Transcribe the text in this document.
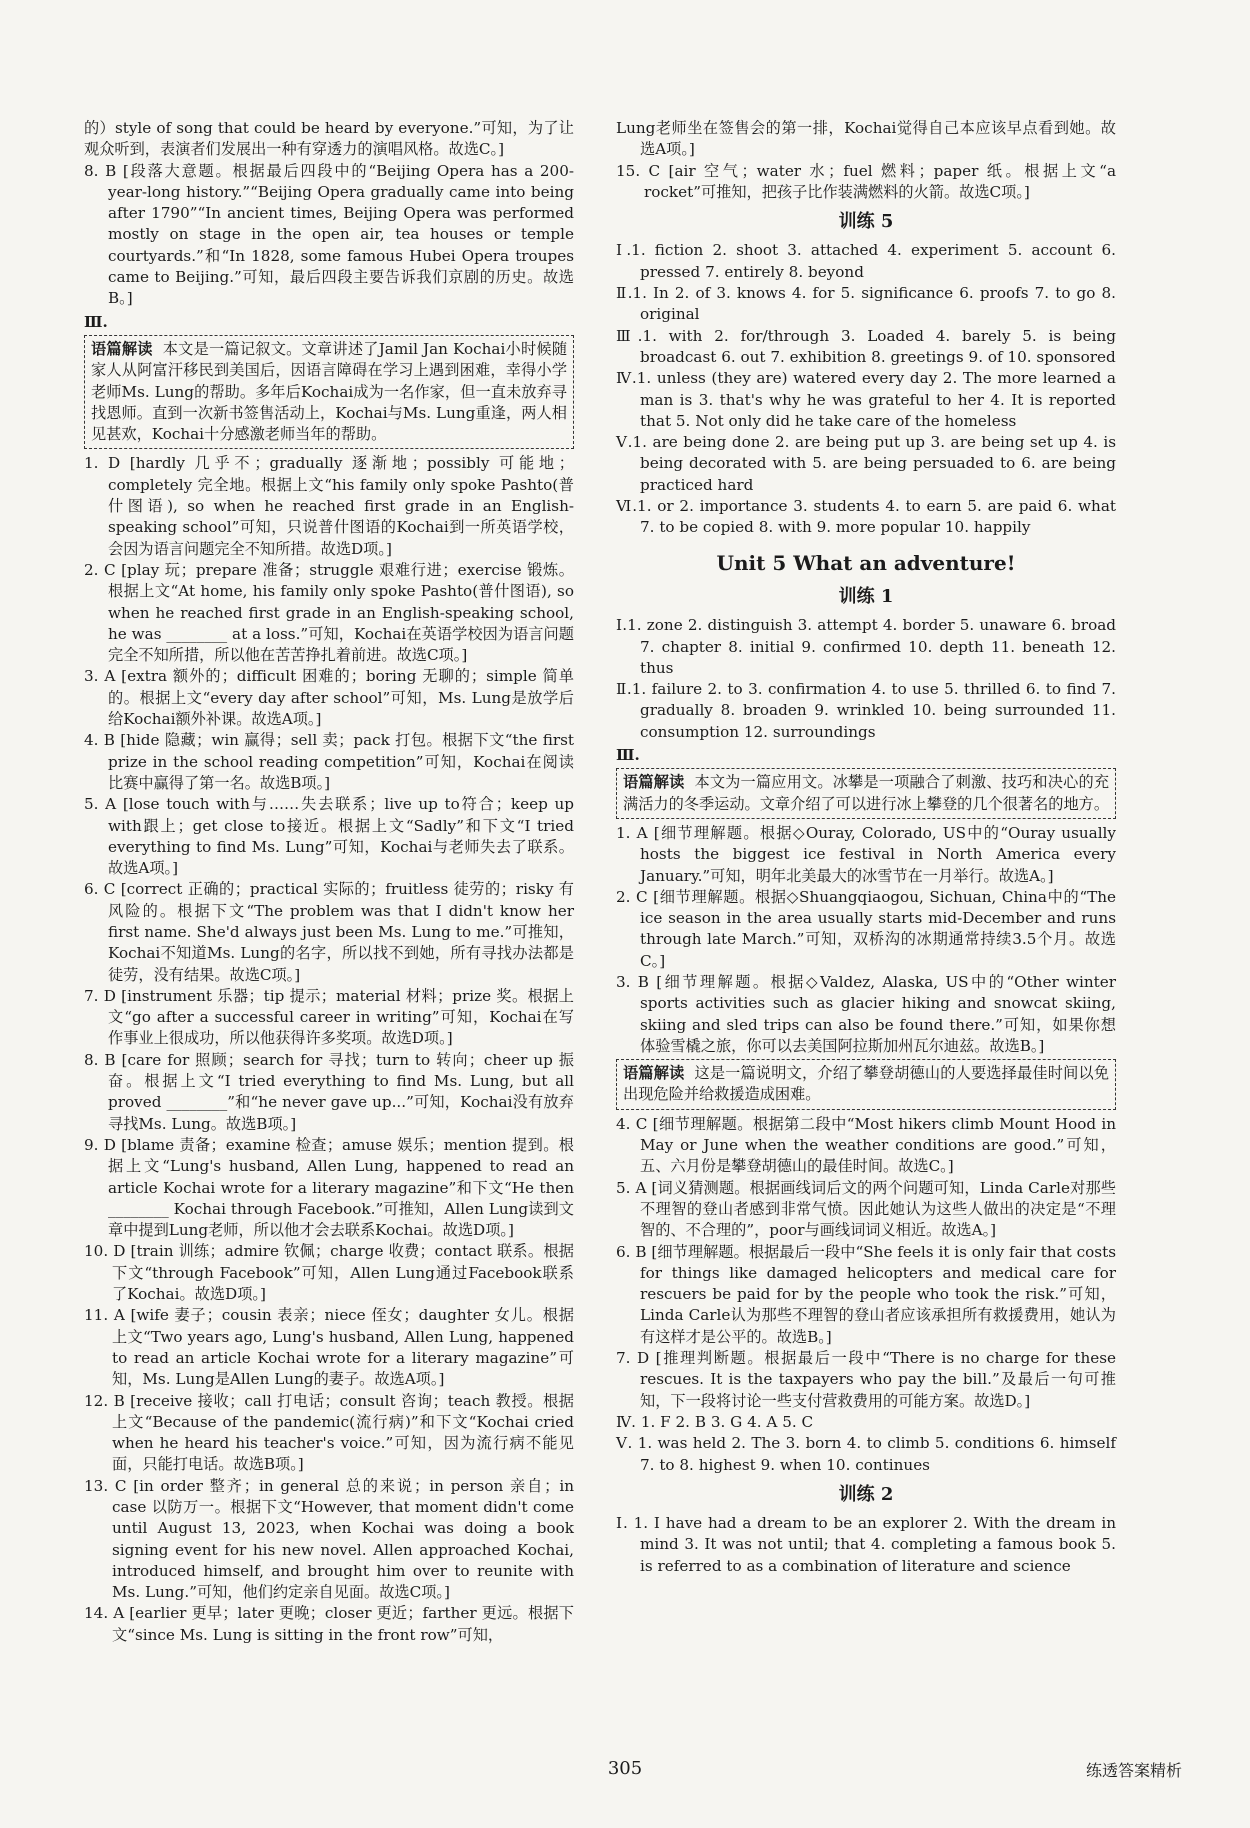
的）style of song that could be heard by everyone.”可知，为了让观众听到，表演者们发展出一种有穿透力的演唱风格。故选C。]

8. B [段落大意题。根据最后四段中的“Beijing Opera has a 200-year-long history.”“Beijing Opera gradually came into being after 1790”“In ancient times, Beijing Opera was performed mostly on stage in the open air, tea houses or temple courtyards.”和“In 1828, some famous Hubei Opera troupes came to Beijing.”可知，最后四段主要告诉我们京剧的历史。故选B。]

Ⅲ.

语篇解读 本文是一篇记叙文。文章讲述了Jamil Jan Kochai小时候随家人从阿富汗移民到美国后，因语言障碍在学习上遇到困难，幸得小学老师Ms. Lung的帮助。多年后Kochai成为一名作家，但一直未放弃寻找恩师。直到一次新书签售活动上，Kochai与Ms. Lung重逢，两人相见甚欢，Kochai十分感激老师当年的帮助。

1. D [hardly 几乎不；gradually 逐渐地；possibly 可能地；completely 完全地。根据上文“his family only spoke Pashto(普什图语), so when he reached first grade in an English-speaking school”可知，只说普什图语的Kochai到一所英语学校，会因为语言问题完全不知所措。故选D项。]

2. C [play 玩；prepare 准备；struggle 艰难行进；exercise 锻炼。根据上文“At home, his family only spoke Pashto(普什图语), so when he reached first grade in an English-speaking school, he was ________ at a loss.”可知，Kochai在英语学校因为语言问题完全不知所措，所以他在苦苦挣扎着前进。故选C项。]

3. A [extra 额外的；difficult 困难的；boring 无聊的；simple 简单的。根据上文“every day after school”可知，Ms. Lung是放学后给Kochai额外补课。故选A项。]

4. B [hide 隐藏；win 赢得；sell 卖；pack 打包。根据下文“the first prize in the school reading competition”可知，Kochai在阅读比赛中赢得了第一名。故选B项。]

5. A [lose touch with与……失去联系；live up to符合；keep up with跟上；get close to接近。根据上文“Sadly”和下文“I tried everything to find Ms. Lung”可知，Kochai与老师失去了联系。故选A项。]

6. C [correct 正确的；practical 实际的；fruitless 徒劳的；risky 有风险的。根据下文“The problem was that I didn't know her first name. She'd always just been Ms. Lung to me.”可推知，Kochai不知道Ms. Lung的名字，所以找不到她，所有寻找办法都是徒劳，没有结果。故选C项。]

7. D [instrument 乐器；tip 提示；material 材料；prize 奖。根据上文“go after a successful career in writing”可知，Kochai在写作事业上很成功，所以他获得许多奖项。故选D项。]

8. B [care for 照顾；search for 寻找；turn to 转向；cheer up 振奋。根据上文“I tried everything to find Ms. Lung, but all proved ________”和“he never gave up...”可知，Kochai没有放弃寻找Ms. Lung。故选B项。]

9. D [blame 责备；examine 检查；amuse 娱乐；mention 提到。根据上文“Lung's husband, Allen Lung, happened to read an article Kochai wrote for a literary magazine”和下文“He then ________ Kochai through Facebook.”可推知，Allen Lung读到文章中提到Lung老师，所以他才会去联系Kochai。故选D项。]

10. D [train 训练；admire 钦佩；charge 收费；contact 联系。根据下文“through Facebook”可知，Allen Lung通过Facebook联系了Kochai。故选D项。]

11. A [wife 妻子；cousin 表亲；niece 侄女；daughter 女儿。根据上文“Two years ago, Lung's husband, Allen Lung, happened to read an article Kochai wrote for a literary magazine”可知，Ms. Lung是Allen Lung的妻子。故选A项。]

12. B [receive 接收；call 打电话；consult 咨询；teach 教授。根据上文“Because of the pandemic(流行病)”和下文“Kochai cried when he heard his teacher's voice.”可知，因为流行病不能见面，只能打电话。故选B项。]

13. C [in order 整齐；in general 总的来说；in person 亲自；in case 以防万一。根据下文“However, that moment didn't come until August 13, 2023, when Kochai was doing a book signing event for his new novel. Allen approached Kochai, introduced himself, and brought him over to reunite with Ms. Lung.”可知，他们约定亲自见面。故选C项。]

14. A [earlier 更早；later 更晚；closer 更近；farther 更远。根据下文“since Ms. Lung is sitting in the front row”可知，

Lung老师坐在签售会的第一排，Kochai觉得自己本应该早点看到她。故选A项。]

15. C [air 空气；water 水；fuel 燃料；paper 纸。根据上文“a rocket”可推知，把孩子比作装满燃料的火箭。故选C项。]

训练 5

Ⅰ.1. fiction 2. shoot 3. attached 4. experiment 5. account 6. pressed 7. entirely 8. beyond

Ⅱ.1. In 2. of 3. knows 4. for 5. significance 6. proofs 7. to go 8. original

Ⅲ.1. with 2. for/through 3. Loaded 4. barely 5. is being broadcast 6. out 7. exhibition 8. greetings 9. of 10. sponsored

Ⅳ.1. unless (they are) watered every day 2. The more learned a man is 3. that's why he was grateful to her 4. It is reported that 5. Not only did he take care of the homeless

Ⅴ.1. are being done 2. are being put up 3. are being set up 4. is being decorated with 5. are being persuaded to 6. are being practiced hard

Ⅵ.1. or 2. importance 3. students 4. to earn 5. are paid 6. what 7. to be copied 8. with 9. more popular 10. happily

Unit 5 What an adventure!
训练 1

Ⅰ.1. zone 2. distinguish 3. attempt 4. border 5. unaware 6. broad 7. chapter 8. initial 9. confirmed 10. depth 11. beneath 12. thus

Ⅱ.1. failure 2. to 3. confirmation 4. to use 5. thrilled 6. to find 7. gradually 8. broaden 9. wrinkled 10. being surrounded 11. consumption 12. surroundings

Ⅲ.

语篇解读 本文为一篇应用文。冰攀是一项融合了刺激、技巧和决心的充满活力的冬季运动。文章介绍了可以进行冰上攀登的几个很著名的地方。

1. A [细节理解题。根据◇Ouray, Colorado, US中的“Ouray usually hosts the biggest ice festival in North America every January.”可知，明年北美最大的冰雪节在一月举行。故选A。]

2. C [细节理解题。根据◇Shuangqiaogou, Sichuan, China中的“The ice season in the area usually starts mid-December and runs through late March.”可知，双桥沟的冰期通常持续3.5个月。故选C。]

3. B [细节理解题。根据◇Valdez, Alaska, US中的“Other winter sports activities such as glacier hiking and snowcat skiing, skiing and sled trips can also be found there.”可知，如果你想体验雪橇之旅，你可以去美国阿拉斯加州瓦尔迪兹。故选B。]

语篇解读 这是一篇说明文，介绍了攀登胡德山的人要选择最佳时间以免出现危险并给救援造成困难。

4. C [细节理解题。根据第二段中“Most hikers climb Mount Hood in May or June when the weather conditions are good.”可知，五、六月份是攀登胡德山的最佳时间。故选C。]

5. A [词义猜测题。根据画线词后文的两个问题可知，Linda Carle对那些不理智的登山者感到非常气愤。因此她认为这些人做出的决定是“不理智的、不合理的”，poor与画线词词义相近。故选A。]

6. B [细节理解题。根据最后一段中“She feels it is only fair that costs for things like damaged helicopters and medical care for rescuers be paid for by the people who took the risk.”可知，Linda Carle认为那些不理智的登山者应该承担所有救援费用，她认为有这样才是公平的。故选B。]

7. D [推理判断题。根据最后一段中“There is no charge for these rescues. It is the taxpayers who pay the bill.”及最后一句可推知，下一段将讨论一些支付营救费用的可能方案。故选D。]

Ⅳ. 1. F 2. B 3. G 4. A 5. C

Ⅴ. 1. was held 2. The 3. born 4. to climb 5. conditions 6. himself 7. to 8. highest 9. when 10. continues

训练 2

Ⅰ. 1. I have had a dream to be an explorer 2. With the dream in mind 3. It was not until; that 4. completing a famous book 5. is referred to as a combination of literature and science

305	练透答案精析
